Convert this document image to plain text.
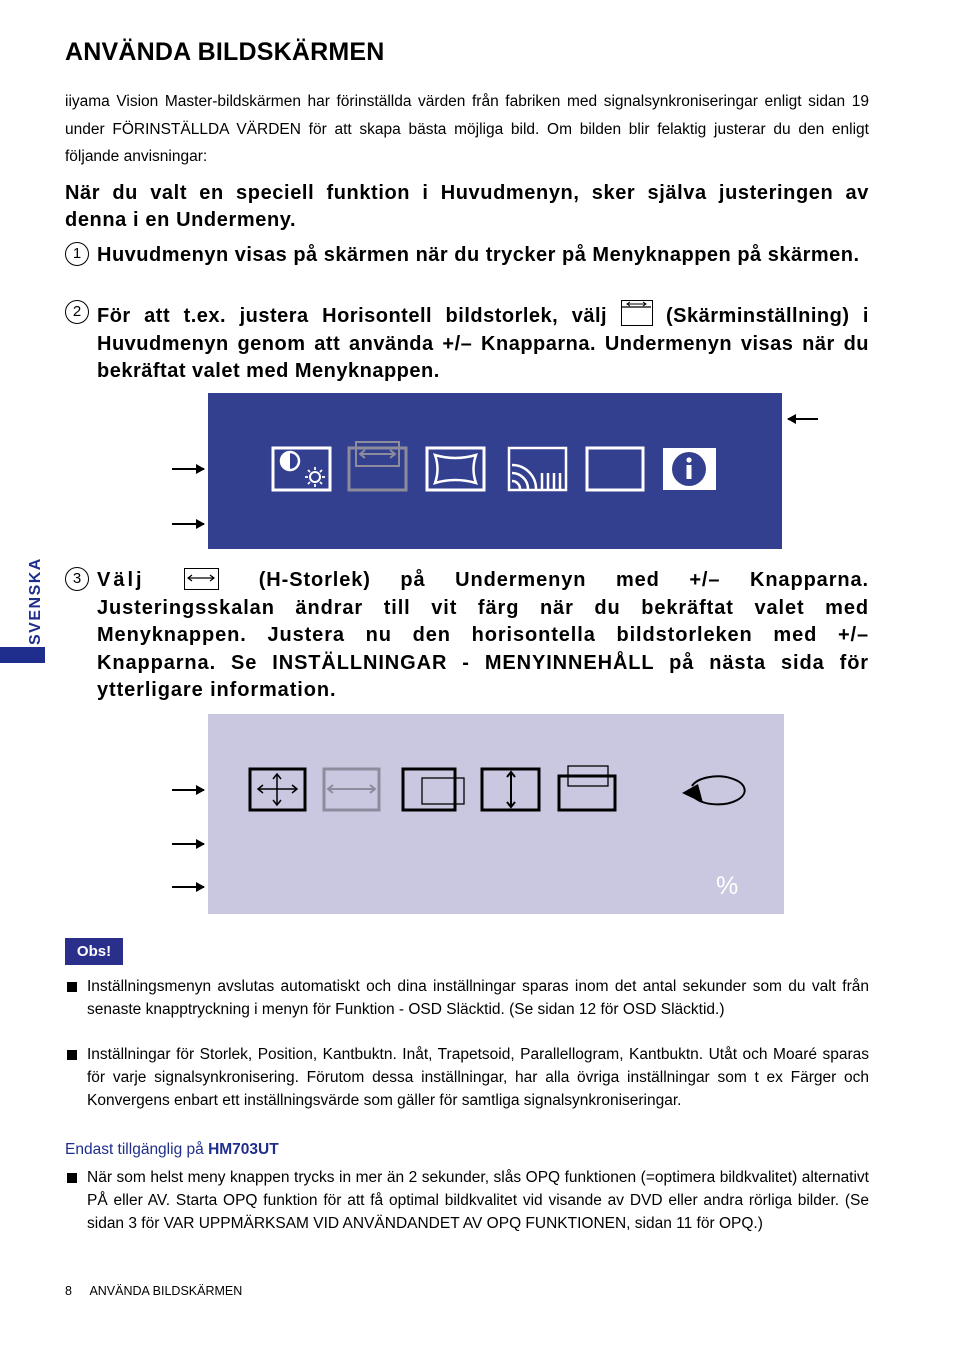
ANVÄNDA BILDSKÄRMEN

iiyama Vision Master-bildskärmen har förinställda värden från fabriken med signalsynkroniseringar enligt sidan 19 under FÖRINSTÄLLDA VÄRDEN för att skapa bästa möjliga bild. Om bilden blir felaktig justerar du den enligt följande anvisningar:

När du valt en speciell funktion i Huvudmenyn, sker själva justeringen av denna i en Undermeny.

1 Huvudmenyn visas på skärmen när du trycker på Menyknappen på skärmen.
2 För att t.ex. justera Horisontell bildstorlek, välj	(Skärminställning) i Huvudmenyn genom att använda +/– Knapparna. Undermenyn visas när du bekräftat valet med Menyknappen.
3 Välj	(H-Storlek) på Undermenyn med +/– Knapparna. Justeringsskalan ändrar till vit färg när du bekräftat valet med Menyknappen. Justera nu den horisontella bildstorleken med +/– Knapparna. Se INSTÄLLNINGAR - MENYINNEHÅLL på nästa sida för ytterligare information.
%
SVENSKA
Obs!
Inställningsmenyn avslutas automatiskt och dina inställningar sparas inom det antal sekunder som du valt från senaste knapptryckning i menyn för Funktion - OSD Släcktid. (Se sidan 12 för OSD Släcktid.)
Inställningar för Storlek, Position, Kantbuktn. Inåt, Trapetsoid, Parallellogram, Kantbuktn. Utåt och Moaré sparas för varje signalsynkronisering. Förutom dessa inställningar, har alla övriga inställningar som t ex Färger och Konvergens enbart ett inställningsvärde som gäller för samtliga signalsynkroniseringar.
Endast tillgänglig på HM703UT
När som helst meny knappen trycks in mer än 2 sekunder, slås OPQ funktionen (=optimera bildkvalitet) alternativt PÅ eller AV. Starta OPQ funktion för att få optimal bildkvalitet vid visande av DVD eller andra rörliga bilder. (Se sidan 3 för VAR UPPMÄRKSAM VID ANVÄNDANDET AV OPQ FUNKTIONEN, sidan 11 för OPQ.)
8 ANVÄNDA BILDSKÄRMEN
